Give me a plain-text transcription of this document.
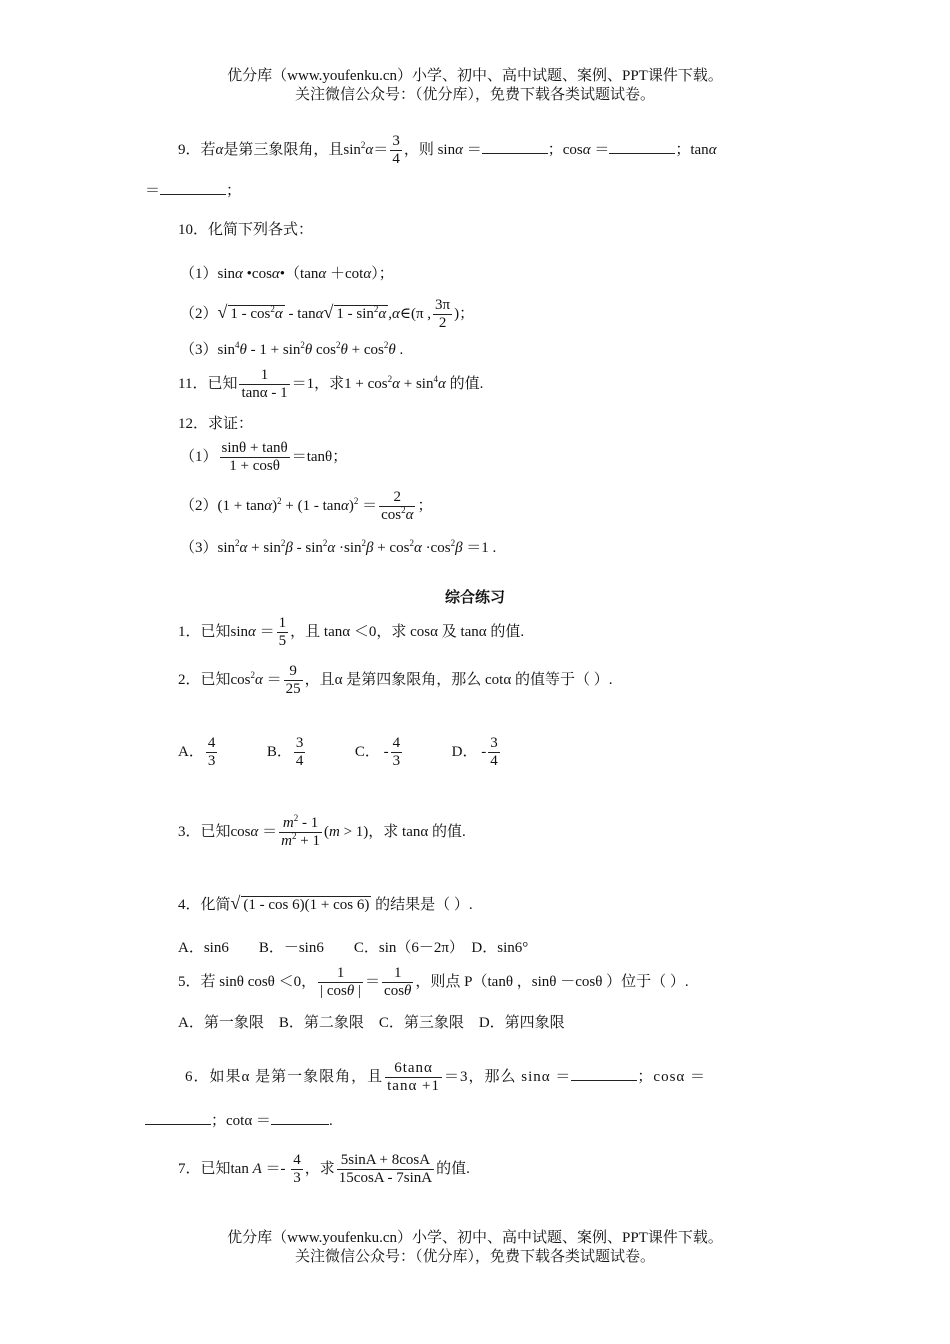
优分库（www.youfenku.cn）小学、初中、高中试题、案例、PPT课件下载。
关注微信公众号：（优分库），免费下载各类试题试卷。
9．若α是第三象限角，且$\sin^2\alpha= \frac{3}{4}$ ，则 sinα ＝	；cosα ＝	；tanα
＝	；
10．化简下列各式：
（1）sinα •cosα•（tanα ＋cotα）；
（2）√ $1 - \cos^2\alpha - \tan\alpha√$ $1 - \sin^2\alpha$ ,α∈(π , $\frac{3\pi}{2}$ )；
$(3)\sin^4\theta - 1 + \sin^2\theta$ $\cos^2\theta + \cos^2\theta$ .
11．已知 $\frac{1}{\tan\alpha - 1} =1$，求$1 + \cos^2\alpha + \sin^4\alpha$ 的值.
12．求证：
$(1) \frac{\sin\theta + \tan\theta}{1 + \cos\theta} =\tan\theta$；
$(2)(1 + \tan\alpha)^2 + (1 - \tan\alpha)^2 = \frac{2}{\cos^2\alpha}$ ；
$(3)\sin^2\alpha + \sin^2\beta - \sin^2\alpha \cdot\sin^2\beta + \cos^2\alpha \cdot\cos^2\beta =1$ .
综合练习
1．已知$\sin\alpha = \frac{1}{5}$ ，且 tanα ＜0，求 cosα 及 tanα 的值.
2．已知$\cos^2\alpha = \frac{9}{25}$ ，且α 是第四象限角，那么 cotα 的值等于（ ）.
A． $\frac{4}{3}$	B． $\frac{3}{4}$	C． - $\frac{4}{3}$	D． - $\frac{3}{4}$
3．已知$\cos\alpha = \frac{m^2 - 1}{m^2 + 1} (m > 1)$，求 tanα 的值.
4．化简√ (1 - cos 6)(1 + cos 6) 的结果是（ ）.
A．sin6　　B．－sin6　　C．sin（6－2π）　D．sin6°
5．若 sinθ cosθ ＜0， $\frac{1}{| \cos\theta |} = \frac{1}{\cos\theta}$ ，则点 P（tanθ ，sinθ －cosθ ）位于（ ）.
A．第一象限　B．第二象限　C．第三象限　D．第四象限
6．如果α 是第一象限角，且 $\frac{6\tan\alpha}{\tan\alpha +1} =3$，那么 sinα ＝	；cosα ＝
；cotα ＝	.
7．已知$\tan A =- \frac{4}{3}$ ，求 $\frac{5\sin A + 8\cos A}{15\cos A - 7\sin A}$ 的值.
优分库（www.youfenku.cn）小学、初中、高中试题、案例、PPT课件下载。
关注微信公众号：（优分库），免费下载各类试题试卷。
